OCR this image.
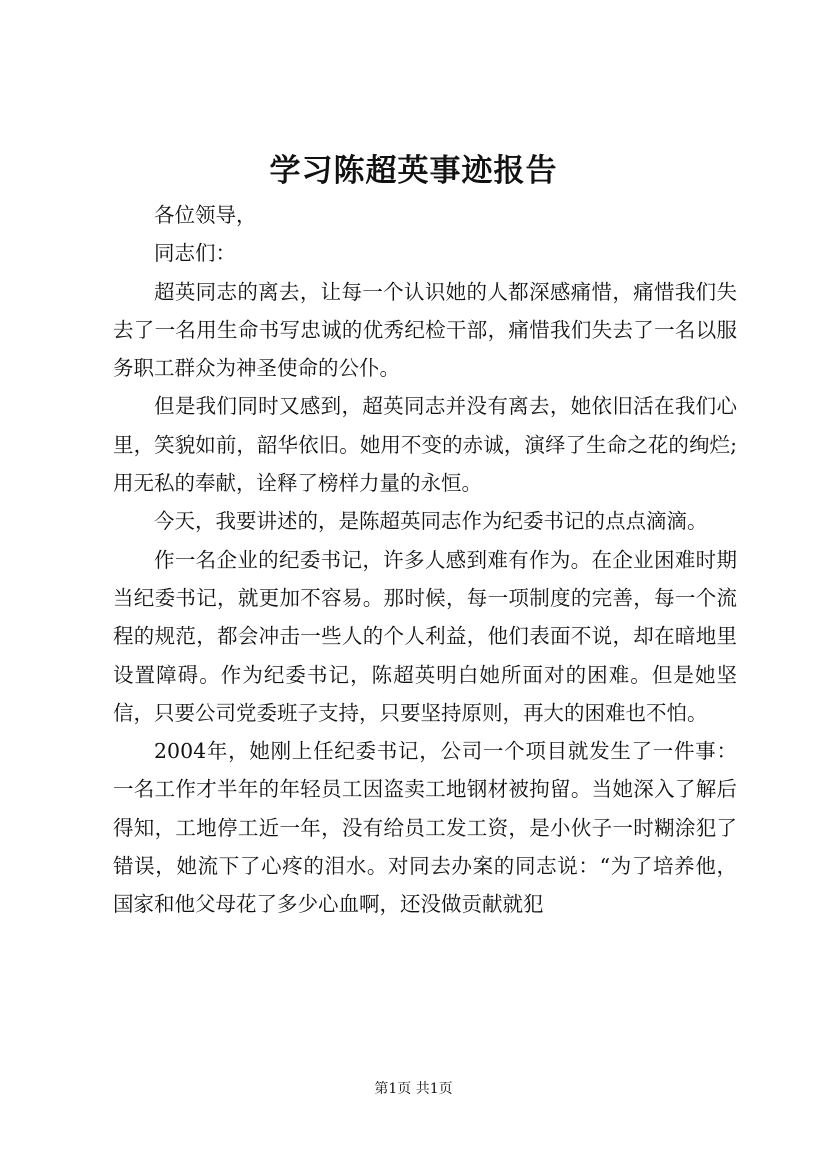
学习陈超英事迹报告

各位领导，

同志们：

超英同志的离去，让每一个认识她的人都深感痛惜，痛惜我们失去了一名用生命书写忠诚的优秀纪检干部，痛惜我们失去了一名以服务职工群众为神圣使命的公仆。

但是我们同时又感到，超英同志并没有离去，她依旧活在我们心里，笑貌如前，韶华依旧。她用不变的赤诚，演绎了生命之花的绚烂;用无私的奉献，诠释了榜样力量的永恒。

今天，我要讲述的，是陈超英同志作为纪委书记的点点滴滴。

作一名企业的纪委书记，许多人感到难有作为。在企业困难时期当纪委书记，就更加不容易。那时候，每一项制度的完善，每一个流程的规范，都会冲击一些人的个人利益，他们表面不说，却在暗地里设置障碍。作为纪委书记，陈超英明白她所面对的困难。但是她坚信，只要公司党委班子支持，只要坚持原则，再大的困难也不怕。

2004年，她刚上任纪委书记，公司一个项目就发生了一件事：一名工作才半年的年轻员工因盗卖工地钢材被拘留。当她深入了解后得知，工地停工近一年，没有给员工发工资，是小伙子一时糊涂犯了错误，她流下了心疼的泪水。对同去办案的同志说：“为了培养他，国家和他父母花了多少心血啊，还没做贡献就犯

第1页 共1页
